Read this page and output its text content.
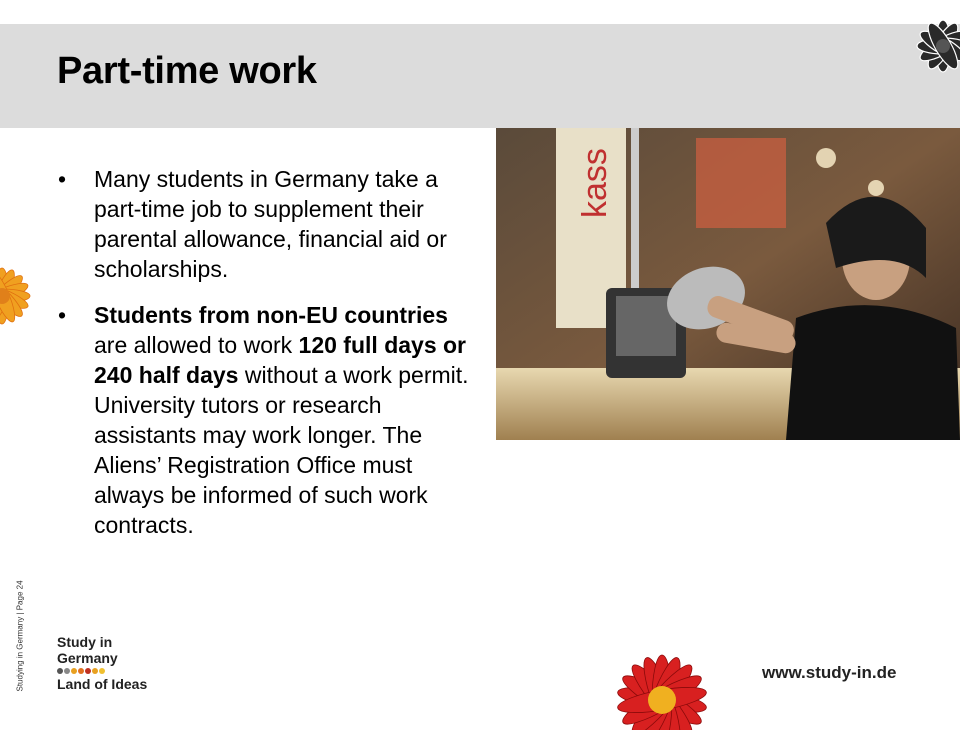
Part-time work
kass
• Many students in Germany take a part-time job to supplement their parental allowance, financial aid or scholarships.
• Students from non-EU countries are allowed to work 120 full days or 240 half days without a work permit. University tutors or research assistants may work longer. The Aliens’ Registration Office must always be informed of such work contracts.
Studying in Germany | Page 24 Study in
Germany
Land of Ideas
www.study-in.de
